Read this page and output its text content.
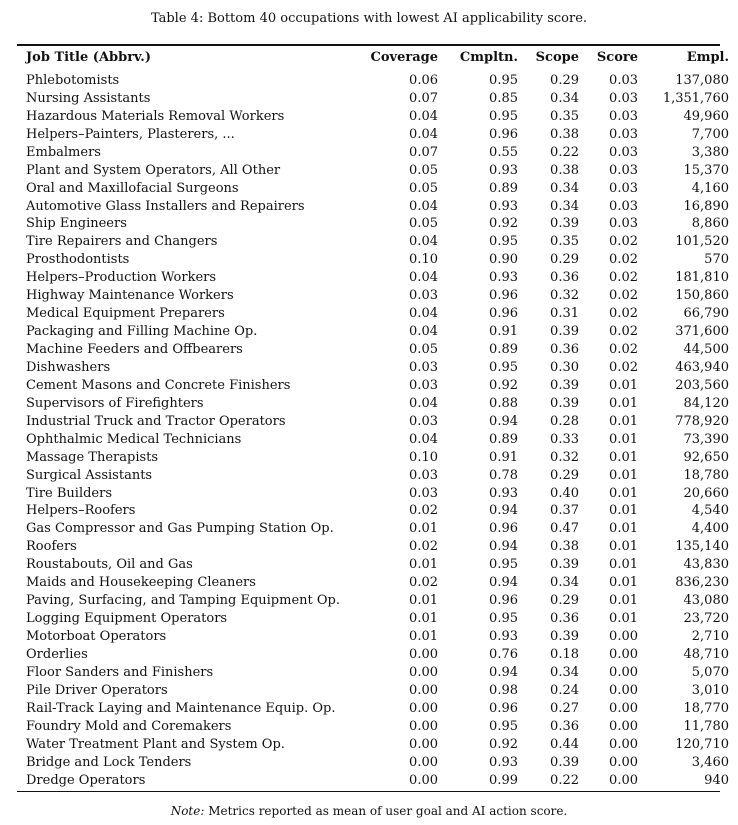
Table 4: Bottom 40 occupations with lowest AI applicability score.
Job Title (Abbrv.)	Coverage	Cmpltn.	Scope	Score	Empl.
Phlebotomists	0.06	0.95	0.29	0.03	137,080
Nursing Assistants	0.07	0.85	0.34	0.03	1,351,760
Hazardous Materials Removal Workers	0.04	0.95	0.35	0.03	49,960
Helpers–Painters, Plasterers, ...	0.04	0.96	0.38	0.03	7,700
Embalmers	0.07	0.55	0.22	0.03	3,380
Plant and System Operators, All Other	0.05	0.93	0.38	0.03	15,370
Oral and Maxillofacial Surgeons	0.05	0.89	0.34	0.03	4,160
Automotive Glass Installers and Repairers	0.04	0.93	0.34	0.03	16,890
Ship Engineers	0.05	0.92	0.39	0.03	8,860
Tire Repairers and Changers	0.04	0.95	0.35	0.02	101,520
Prosthodontists	0.10	0.90	0.29	0.02	570
Helpers–Production Workers	0.04	0.93	0.36	0.02	181,810
Highway Maintenance Workers	0.03	0.96	0.32	0.02	150,860
Medical Equipment Preparers	0.04	0.96	0.31	0.02	66,790
Packaging and Filling Machine Op.	0.04	0.91	0.39	0.02	371,600
Machine Feeders and Offbearers	0.05	0.89	0.36	0.02	44,500
Dishwashers	0.03	0.95	0.30	0.02	463,940
Cement Masons and Concrete Finishers	0.03	0.92	0.39	0.01	203,560
Supervisors of Firefighters	0.04	0.88	0.39	0.01	84,120
Industrial Truck and Tractor Operators	0.03	0.94	0.28	0.01	778,920
Ophthalmic Medical Technicians	0.04	0.89	0.33	0.01	73,390
Massage Therapists	0.10	0.91	0.32	0.01	92,650
Surgical Assistants	0.03	0.78	0.29	0.01	18,780
Tire Builders	0.03	0.93	0.40	0.01	20,660
Helpers–Roofers	0.02	0.94	0.37	0.01	4,540
Gas Compressor and Gas Pumping Station Op.	0.01	0.96	0.47	0.01	4,400
Roofers	0.02	0.94	0.38	0.01	135,140
Roustabouts, Oil and Gas	0.01	0.95	0.39	0.01	43,830
Maids and Housekeeping Cleaners	0.02	0.94	0.34	0.01	836,230
Paving, Surfacing, and Tamping Equipment Op.	0.01	0.96	0.29	0.01	43,080
Logging Equipment Operators	0.01	0.95	0.36	0.01	23,720
Motorboat Operators	0.01	0.93	0.39	0.00	2,710
Orderlies	0.00	0.76	0.18	0.00	48,710
Floor Sanders and Finishers	0.00	0.94	0.34	0.00	5,070
Pile Driver Operators	0.00	0.98	0.24	0.00	3,010
Rail-Track Laying and Maintenance Equip. Op.	0.00	0.96	0.27	0.00	18,770
Foundry Mold and Coremakers	0.00	0.95	0.36	0.00	11,780
Water Treatment Plant and System Op.	0.00	0.92	0.44	0.00	120,710
Bridge and Lock Tenders	0.00	0.93	0.39	0.00	3,460
Dredge Operators	0.00	0.99	0.22	0.00	940
Note: Metrics reported as mean of user goal and AI action score.
